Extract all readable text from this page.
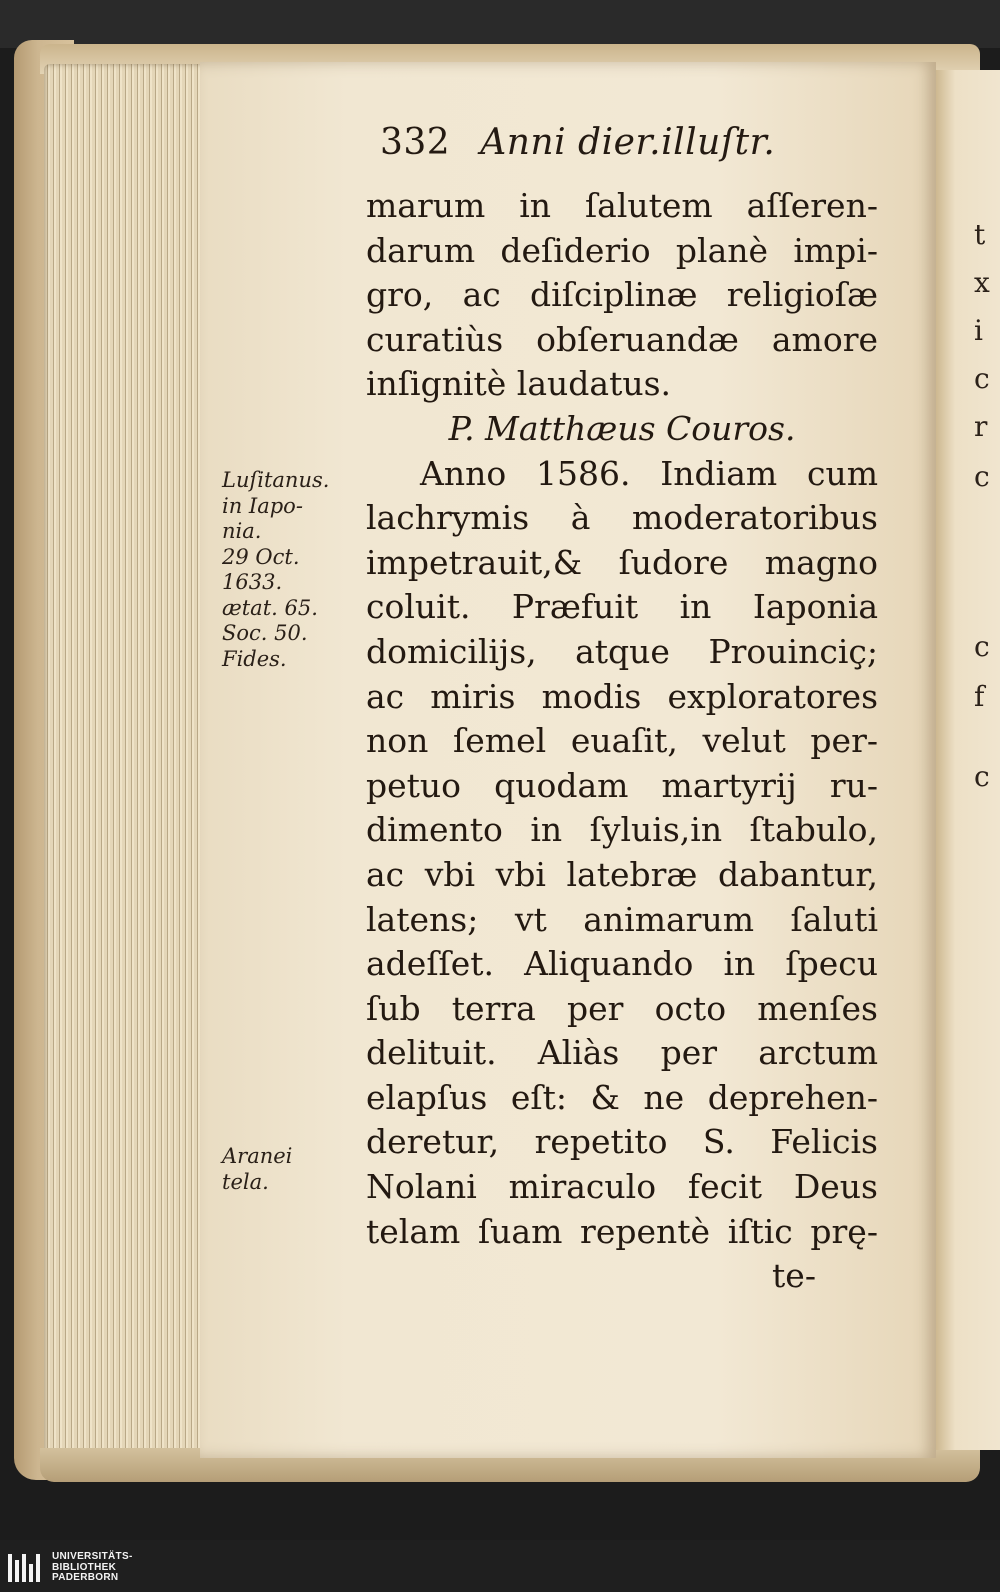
t
x
i
c
r
c
c
f
c
332 Anni dier.illuſtr.
marum in ſalutem aſſeren-
darum deſiderio planè impi-
gro, ac diſciplinæ religioſæ
curatiùs obſeruandæ amore
inſignitè laudatus.
P. Matthæus Couros.
Anno 1586. Indiam cum
lachrymis à moderatoribus
impetrauit,& ſudore magno
coluit. Præfuit in Iaponia
domicilijs, atque Prouinciç;
ac miris modis exploratores
non ſemel euaſit, velut per-
petuo quodam martyrij ru-
dimento in ſyluis,in ſtabulo,
ac vbi vbi latebræ dabantur,
latens; vt animarum ſaluti
adeſſet. Aliquando in ſpecu
ſub terra per octo menſes
delituit. Aliàs per arctum
elapſus eſt: & ne deprehen-
deretur, repetito S. Felicis
Nolani miraculo fecit Deus
telam ſuam repentè iſtic prę-
te-
Luſitanus.
in Iapo-
nia.
29 Oct.
1633.
ætat. 65.
Soc. 50.
Fides.
Aranei
tela.
UNIVERSITÄTS-
BIBLIOTHEK
PADERBORN
